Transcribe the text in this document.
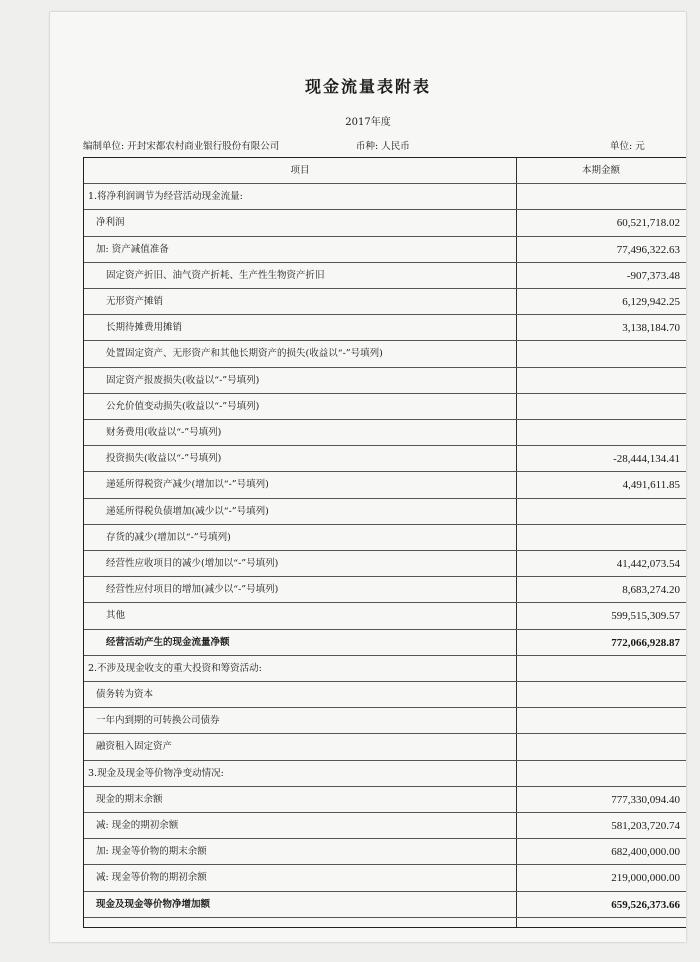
现金流量表附表
2017年度
编制单位: 开封宋都农村商业银行股份有限公司	币种: 人民币	单位: 元
项目	本期金额
1.将净利润调节为经营活动现金流量:
净利润	60,521,718.02
加: 资产减值准备	77,496,322.63
固定资产折旧、油气资产折耗、生产性生物资产折旧	-907,373.48
无形资产摊销	6,129,942.25
长期待摊费用摊销	3,138,184.70
处置固定资产、无形资产和其他长期资产的损失(收益以“-”号填列)
固定资产报废损失(收益以“-”号填列)
公允价值变动损失(收益以“-”号填列)
财务费用(收益以“-”号填列)
投资损失(收益以“-”号填列)	-28,444,134.41
递延所得税资产减少(增加以“-”号填列)	4,491,611.85
递延所得税负债增加(减少以“-”号填列)
存货的减少(增加以“-”号填列)
经营性应收项目的减少(增加以“-”号填列)	41,442,073.54
经营性应付项目的增加(减少以“-”号填列)	8,683,274.20
其他	599,515,309.57
经营活动产生的现金流量净额	772,066,928.87
2.不涉及现金收支的重大投资和筹资活动:
债务转为资本
一年内到期的可转换公司债券
融资租入固定资产
3.现金及现金等价物净变动情况:
现金的期末余额	777,330,094.40
减: 现金的期初余额	581,203,720.74
加: 现金等价物的期末余额	682,400,000.00
减: 现金等价物的期初余额	219,000,000.00
现金及现金等价物净增加额	659,526,373.66
